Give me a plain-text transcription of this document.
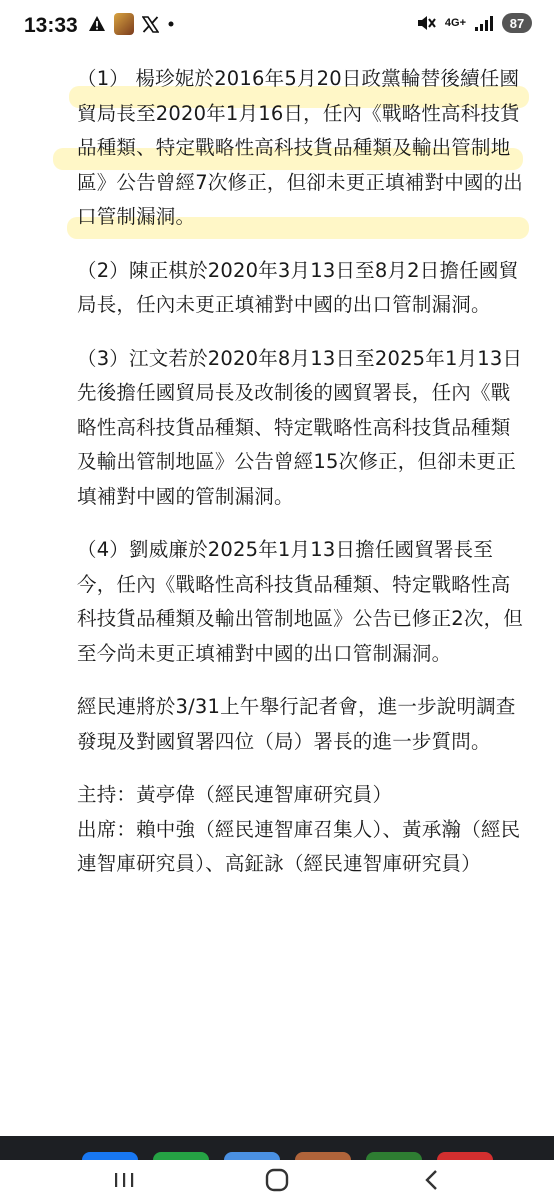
13:33	4G+	87
（1） 楊珍妮於2016年5月20日政黨輪替後續任國貿局長至2020年1月16日，任內《戰略性高科技貨品種類、特定戰略性高科技貨品種類及輸出管制地區》公告曾經7次修正，但卻未更正填補對中國的出口管制漏洞。
（2）陳正棋於2020年3月13日至8月2日擔任國貿局長，任內未更正填補對中國的出口管制漏洞。
（3）江文若於2020年8月13日至2025年1月13日先後擔任國貿局長及改制後的國貿署長，任內《戰略性高科技貨品種類、特定戰略性高科技貨品種類及輸出管制地區》公告曾經15次修正，但卻未更正填補對中國的管制漏洞。
（4）劉威廉於2025年1月13日擔任國貿署長至今，任內《戰略性高科技貨品種類、特定戰略性高科技貨品種類及輸出管制地區》公告已修正2次，但至今尚未更正填補對中國的出口管制漏洞。
經民連將於3/31上午舉行記者會，進一步說明調查發現及對國貿署四位（局）署長的進一步質問。

主持：黃亭偉（經民連智庫研究員）

出席：賴中強（經民連智庫召集人）、黃承瀚（經民連智庫研究員）、高鉦詠（經民連智庫研究員）
